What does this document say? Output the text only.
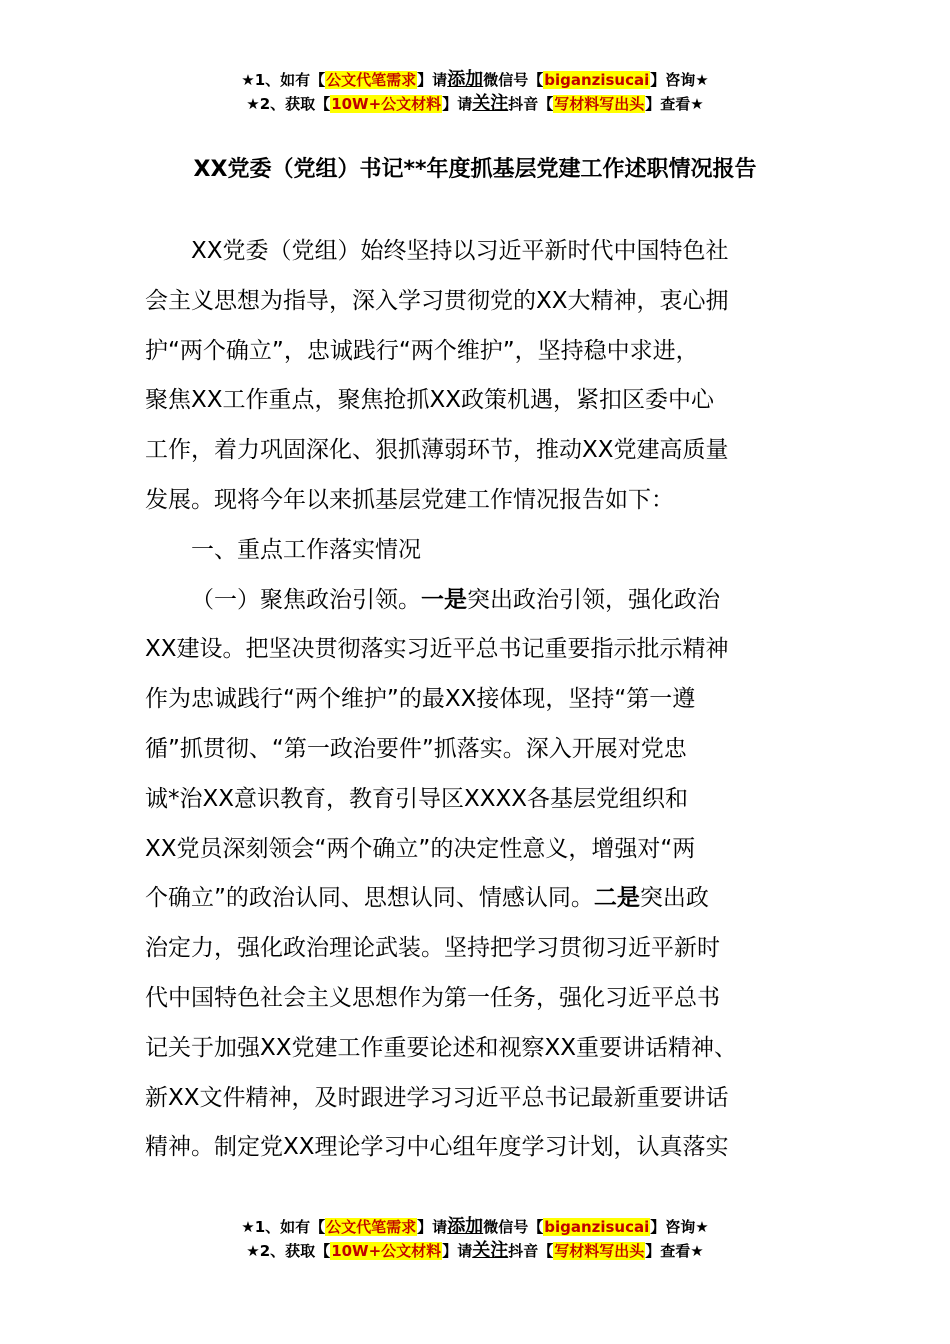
★1、如有【公文代笔需求】请添加微信号【biganzisucai】咨询★
★2、获取【10W+公文材料】请关注抖音【写材料写出头】查看★
XX党委（党组）书记**年度抓基层党建工作述职情况报告
XX党委（党组）始终坚持以习近平新时代中国特色社
会主义思想为指导，深入学习贯彻党的XX大精神，衷心拥
护“两个确立”，忠诚践行“两个维护”，坚持稳中求进，
聚焦XX工作重点，聚焦抢抓XX政策机遇，紧扣区委中心
工作，着力巩固深化、狠抓薄弱环节，推动XX党建高质量
发展。现将今年以来抓基层党建工作情况报告如下：
一、重点工作落实情况
（一）聚焦政治引领。一是突出政治引领，强化政治
XX建设。把坚决贯彻落实习近平总书记重要指示批示精神
作为忠诚践行“两个维护”的最XX接体现，坚持“第一遵
循”抓贯彻、“第一政治要件”抓落实。深入开展对党忠
诚*治XX意识教育，教育引导区XXXX各基层党组织和
XX党员深刻领会“两个确立”的决定性意义，增强对“两
个确立”的政治认同、思想认同、情感认同。二是突出政
治定力，强化政治理论武装。坚持把学习贯彻习近平新时
代中国特色社会主义思想作为第一任务，强化习近平总书
记关于加强XX党建工作重要论述和视察XX重要讲话精神、
新XX文件精神，及时跟进学习习近平总书记最新重要讲话
精神。制定党XX理论学习中心组年度学习计划，认真落实
★1、如有【公文代笔需求】请添加微信号【biganzisucai】咨询★
★2、获取【10W+公文材料】请关注抖音【写材料写出头】查看★
